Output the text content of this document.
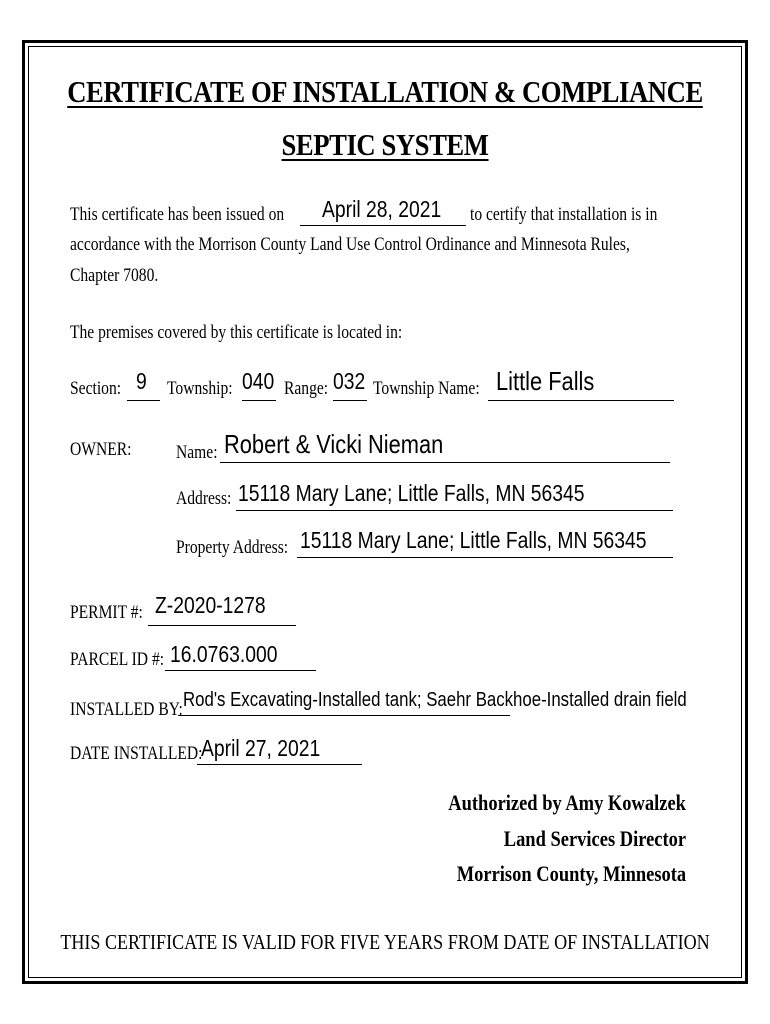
CERTIFICATE OF INSTALLATION & COMPLIANCE
SEPTIC SYSTEM
This certificate has been issued on April 28, 2021 to certify that installation is in
accordance with the Morrison County Land Use Control Ordinance and Minnesota Rules,
Chapter 7080.
The premises covered by this certificate is located in:
Section: 9 Township: 040 Range: 032 Township Name: Little Falls
OWNER: Name: Robert & Vicki Nieman
Address: 15118 Mary Lane; Little Falls, MN 56345
Property Address: 15118 Mary Lane; Little Falls, MN 56345
PERMIT #: Z-2020-1278
PARCEL ID #: 16.0763.000
INSTALLED BY: Rod's Excavating-Installed tank; Saehr Backhoe-Installed drain field
DATE INSTALLED:
April 27, 2021
Authorized by Amy Kowalzek
Land Services Director
Morrison County, Minnesota
THIS CERTIFICATE IS VALID FOR FIVE YEARS FROM DATE OF INSTALLATION
